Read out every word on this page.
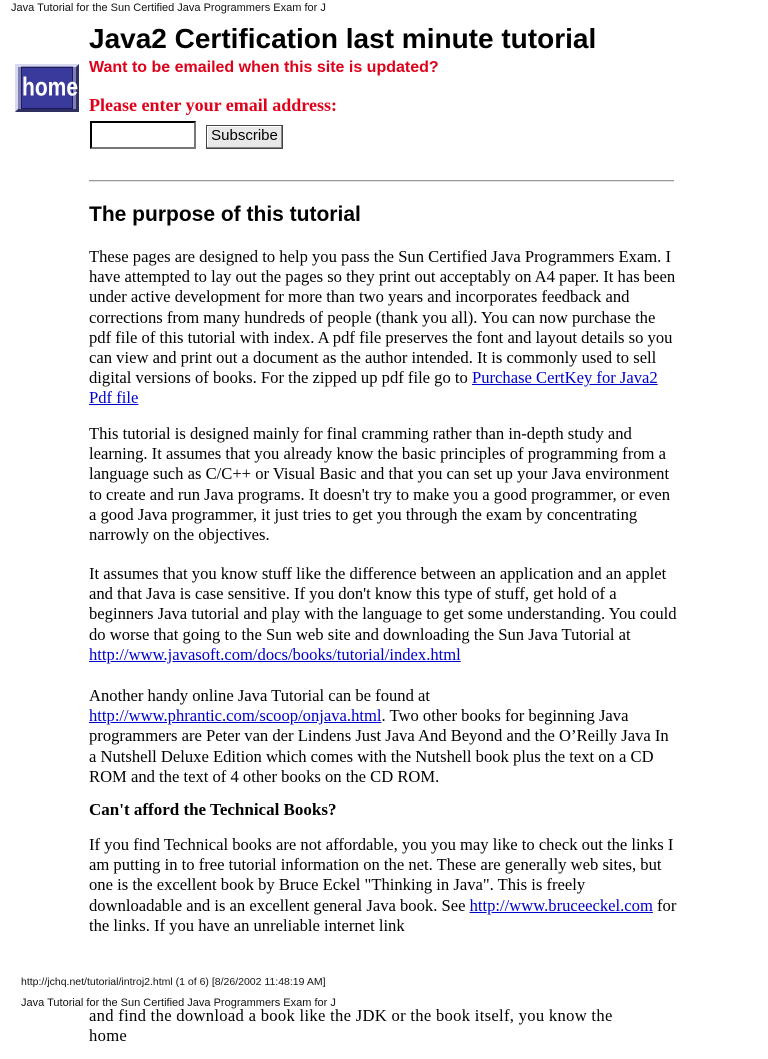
Java Tutorial for the Sun Certified Java Programmers Exam for J
home
Java2 Certification last minute tutorial
Want to be emailed when this site is updated?
Please enter your email address:
Subscribe
The purpose of this tutorial

These pages are designed to help you pass the Sun Certified Java Programmers Exam. I have attempted to lay out the pages so they print out acceptably on A4 paper. It has been under active development for more than two years and incorporates feedback and corrections from many hundreds of people (thank you all). You can now purchase the pdf file of this tutorial with index. A pdf file preserves the font and layout details so you can view and print out a document as the author intended. It is commonly used to sell digital versions of books. For the zipped up pdf file go to Purchase CertKey for Java2 Pdf file

This tutorial is designed mainly for final cramming rather than in-depth study and learning. It assumes that you already know the basic principles of programming from a language such as C/C++ or Visual Basic and that you can set up your Java environment to create and run Java programs. It doesn't try to make you a good programmer, or even a good Java programmer, it just tries to get you through the exam by concentrating narrowly on the objectives.

It assumes that you know stuff like the difference between an application and an applet and that Java is case sensitive. If you don't know this type of stuff, get hold of a beginners Java tutorial and play with the language to get some understanding. You could do worse that going to the Sun web site and downloading the Sun Java Tutorial at http://www.javasoft.com/docs/books/tutorial/index.html

Another handy online Java Tutorial can be found at http://www.phrantic.com/scoop/onjava.html. Two other books for beginning Java programmers are Peter van der Lindens Just Java And Beyond and the O’Reilly Java In a Nutshell Deluxe Edition which comes with the Nutshell book plus the text on a CD ROM and the text of 4 other books on the CD ROM.

Can't afford the Technical Books?

If you find Technical books are not affordable, you you may like to check out the links I am putting in to free tutorial information on the net. These are generally web sites, but one is the excellent book by Bruce Eckel "Thinking in Java". This is freely downloadable and is an excellent general Java book. See http://www.bruceeckel.com for the links. If you have an unreliable internet link

http://jchq.net/tutorial/introj2.html (1 of 6) [8/26/2002 11:48:19 AM]
Java Tutorial for the Sun Certified Java Programmers Exam for J
and find the download a book like the JDK or the book itself, you know the home
